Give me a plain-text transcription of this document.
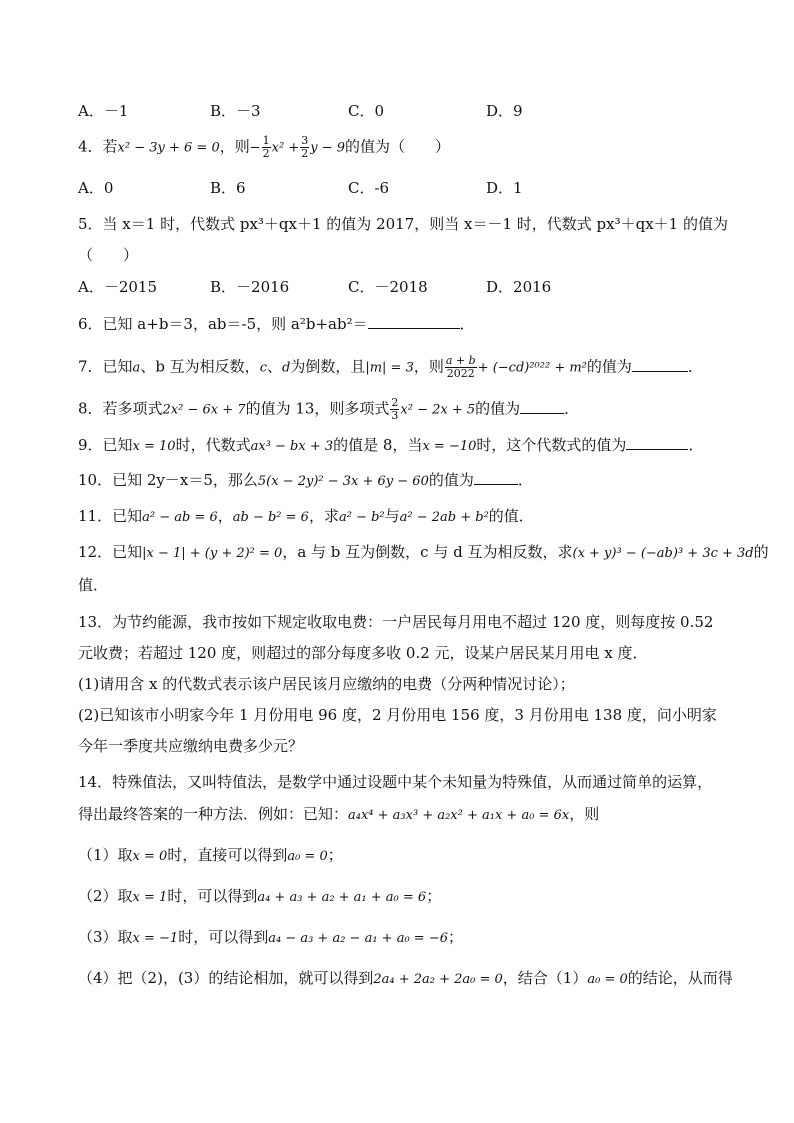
A．－1	B．－3	C．0	D．9
4．若x² − 3y + 6 = 0，则− $\frac{1}{2} x^2 + \frac{3}{2}$ y − 9的值为（　　）
A．0	B．6	C．-6	D．1
5．当 x＝1 时，代数式 px³＋qx＋1 的值为 2017，则当 x＝－1 时，代数式 px³＋qx＋1 的值为
（　　）
A．－2015	B．－2016	C．－2018	D．2016
6．已知 a+b＝3，ab＝-5，则 a²b+ab²＝	．
7．已知a、b 互为相反数，c、d为倒数，且|m| = 3，则 $\frac{a + b}{2022} + (-cd)^{2022} + m^2$的值为	．
8．若多项式2x² − 6x + 7的值为 13，则多项式 $\frac{2}{3} x^2 - 2x + 5$的值为	．
9．已知x = 10时，代数式ax³ − bx + 3的值是 8，当x = −10时，这个代数式的值为	．
10．已知 2y－x＝5，那么5(x − 2y)² − 3x + 6y − 60的值为	．
11．已知a² − ab = 6，ab − b² = 6，求a² − b²与a² − 2ab + b²的值．
12．已知|x − 1| + (y + 2)² = 0，a 与 b 互为倒数，c 与 d 互为相反数，求(x + y)³ − (−ab)³ + 3c + 3d的
值．
13．为节约能源，我市按如下规定收取电费：一户居民每月用电不超过 120 度，则每度按 0.52
元收费；若超过 120 度，则超过的部分每度多收 0.2 元，设某户居民某月用电 x 度．
(1)请用含 x 的代数式表示该户居民该月应缴纳的电费（分两种情况讨论）；
(2)已知该市小明家今年 1 月份用电 96 度，2 月份用电 156 度，3 月份用电 138 度，问小明家
今年一季度共应缴纳电费多少元？
14．特殊值法，又叫特值法，是数学中通过设题中某个未知量为特殊值，从而通过简单的运算，
得出最终答案的一种方法．例如：已知：a₄x⁴ + a₃x³ + a₂x² + a₁x + a₀ = 6x，则
（1）取x = 0时，直接可以得到a₀ = 0；
（2）取x = 1时，可以得到a₄ + a₃ + a₂ + a₁ + a₀ = 6；
（3）取x = −1时，可以得到a₄ − a₃ + a₂ − a₁ + a₀ = −6；
（4）把（2)，(3）的结论相加，就可以得到2a₄ + 2a₂ + 2a₀ = 0，结合（1）a₀ = 0的结论，从而得
